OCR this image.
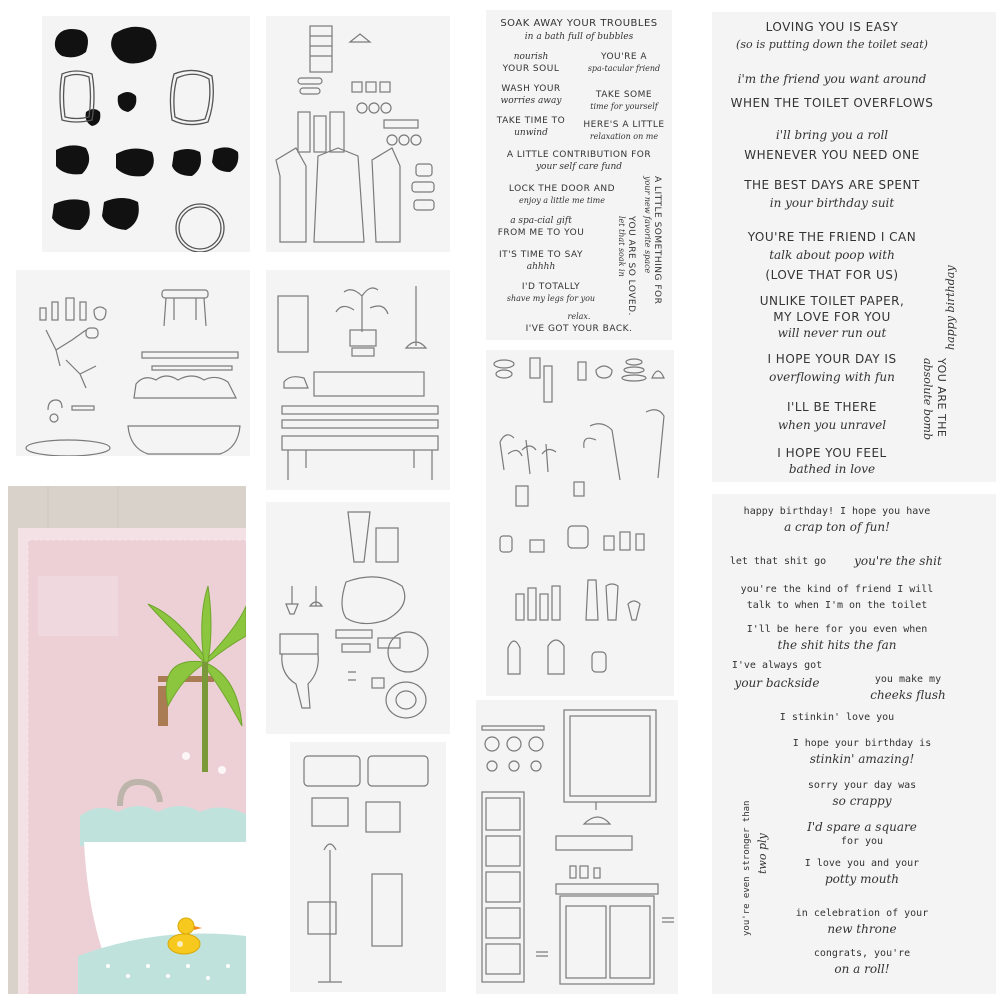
SOAK AWAY YOUR TROUBLES
in a bath full of bubbles
nourish
YOUR SOUL
YOU'RE A
spa-tacular friend
WASH YOUR
worries away
TAKE SOME
time for yourself
TAKE TIME TO
unwind
HERE'S A LITTLE
relaxation on me
A LITTLE CONTRIBUTION FOR
your self care fund
LOCK THE DOOR AND
enjoy a little me time
a spa-cial gift
FROM ME TO YOU
IT'S TIME TO SAY
ahhhh
I'D TOTALLY
shave my legs for you
relax.
I'VE GOT YOUR BACK.
A LITTLE SOMETHING FOR
your new favorite space
YOU ARE SO LOVED.
let that soak in
LOVING YOU IS EASY
(so is putting down the toilet seat)
i'm the friend you want around
WHEN THE TOILET OVERFLOWS
i'll bring you a roll
WHENEVER YOU NEED ONE
THE BEST DAYS ARE SPENT
in your birthday suit
YOU'RE THE FRIEND I CAN
talk about poop with
(LOVE THAT FOR US)
UNLIKE TOILET PAPER,
MY LOVE FOR YOU
will never run out
I HOPE YOUR DAY IS
overflowing with fun
I'LL BE THERE
when you unravel
I HOPE YOU FEEL
bathed in love
happy birthday
YOU ARE THE
absolute bomb
happy birthday! I hope you have
a crap ton of fun!
let that shit go	you're the shit
you're the kind of friend I will
talk to when I'm on the toilet
I'll be here for you even when
the shit hits the fan
I've always got
your backside	you make my
cheeks flush
I stinkin' love you
I hope your birthday is
stinkin' amazing!
sorry your day was
so crappy
I'd spare a square
for you
I love you and your
potty mouth
in celebration of your
new throne
congrats, you're
on a roll!
you're even stronger than two ply
